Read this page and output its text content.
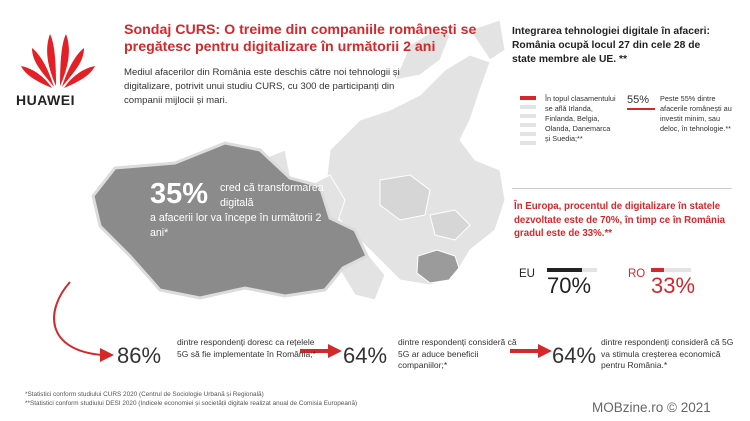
HUAWEI
Sondaj CURS: O treime din companiile românești se pregătesc pentru digitalizare în următorii 2 ani
Mediul afacerilor din România este deschis către noi tehnologii și digitalizare, potrivit unui studiu CURS, cu 300 de participanți din companii mijlocii și mari.
35% cred că transformarea digitală
a afacerii lor va începe în următorii 2 ani*
86%
dintre respondenți doresc ca rețelele 5G să fie implementate în România;* 64%
dintre respondenți consideră că 5G ar aduce beneficii companiilor;*	64%
dintre respondenți consideră că 5G va stimula creșterea economică pentru România.*
*Statistici conform studiului CURS 2020 (Centrul de Sociologie Urbană și Regională)
**Statistici conform studiului DESI 2020 (Indicele economiei și societății digitale realizat anual de Comisia Europeană)	MOBzine.ro © 2021
Integrarea tehnologiei digitale în afaceri: România ocupă locul 27 din cele 28 de state membre ale UE. **
În topul clasamentului se află Irlanda, Finlanda, Belgia, Olanda, Danemarca și Suedia;**
55% Peste 55% dintre afacerile românești au investit minim, sau deloc, în tehnologie.**
În Europa, procentul de digitalizare în statele dezvoltate este de 70%, în timp ce în România gradul este de 33%.**
EU 70%	RO 33%
